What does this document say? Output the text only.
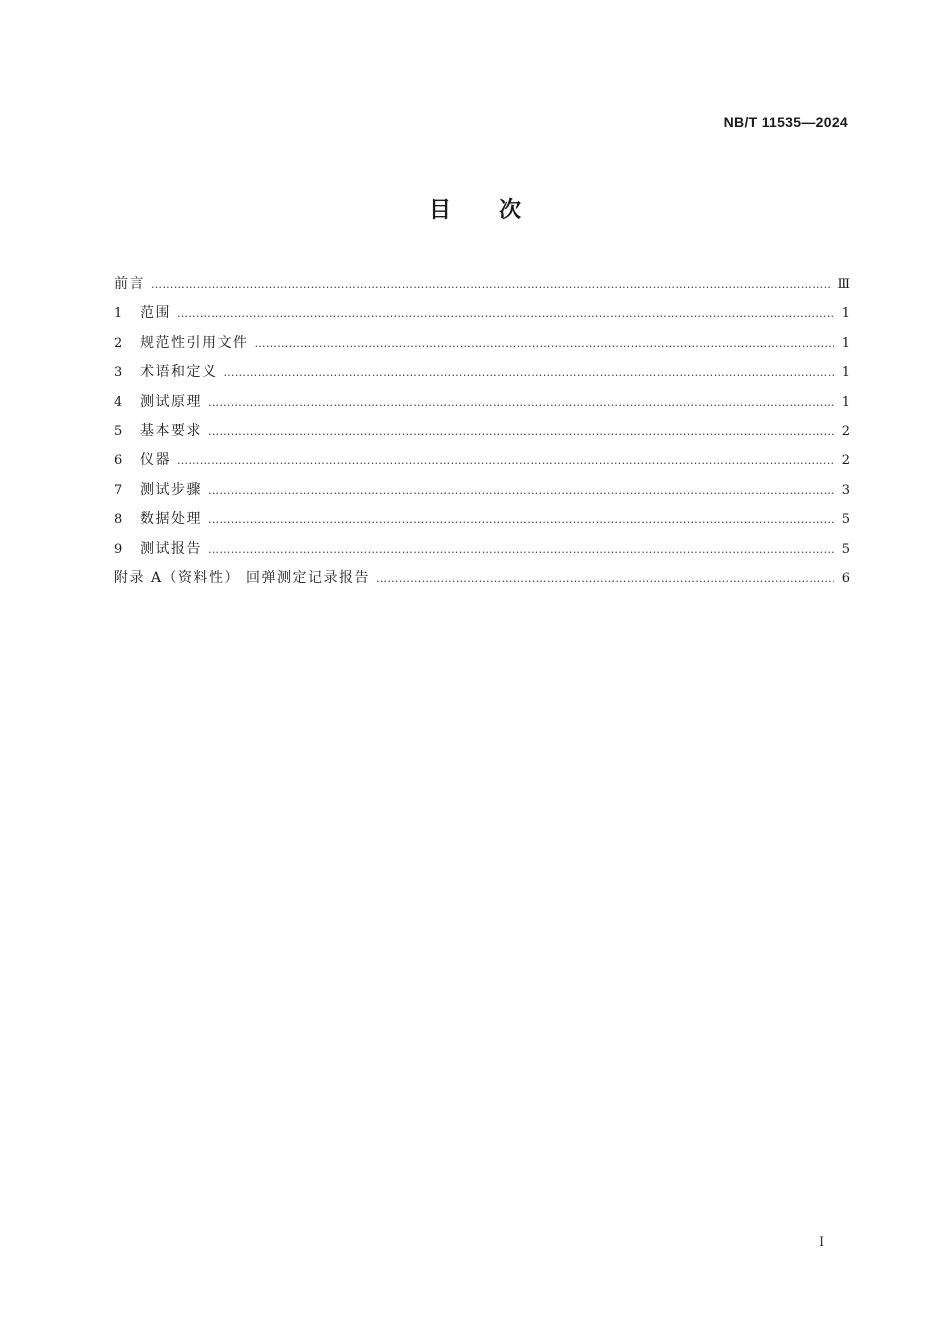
NB/T 11535—2024
目次
前言 ……………………………………………………………………………………………………………………………………………………………………………………………………………………………	Ⅲ
1	范围 ……………………………………………………………………………………………………………………………………………………………………………………………………………………………	1
2	规范性引用文件 ……………………………………………………………………………………………………………………………………………………………………………………………………………………………	1
3	术语和定义 ……………………………………………………………………………………………………………………………………………………………………………………………………………………………	1
4	测试原理 ……………………………………………………………………………………………………………………………………………………………………………………………………………………………	1
5	基本要求 ……………………………………………………………………………………………………………………………………………………………………………………………………………………………	2
6	仪器 ……………………………………………………………………………………………………………………………………………………………………………………………………………………………	2
7	测试步骤 ……………………………………………………………………………………………………………………………………………………………………………………………………………………………	3
8	数据处理 ……………………………………………………………………………………………………………………………………………………………………………………………………………………………	5
9	测试报告 ……………………………………………………………………………………………………………………………………………………………………………………………………………………………	5
附录 A（资料性） 回弹测定记录报告 ……………………………………………………………………………………………………………………………………………………………………………………………………………………………	6
I
